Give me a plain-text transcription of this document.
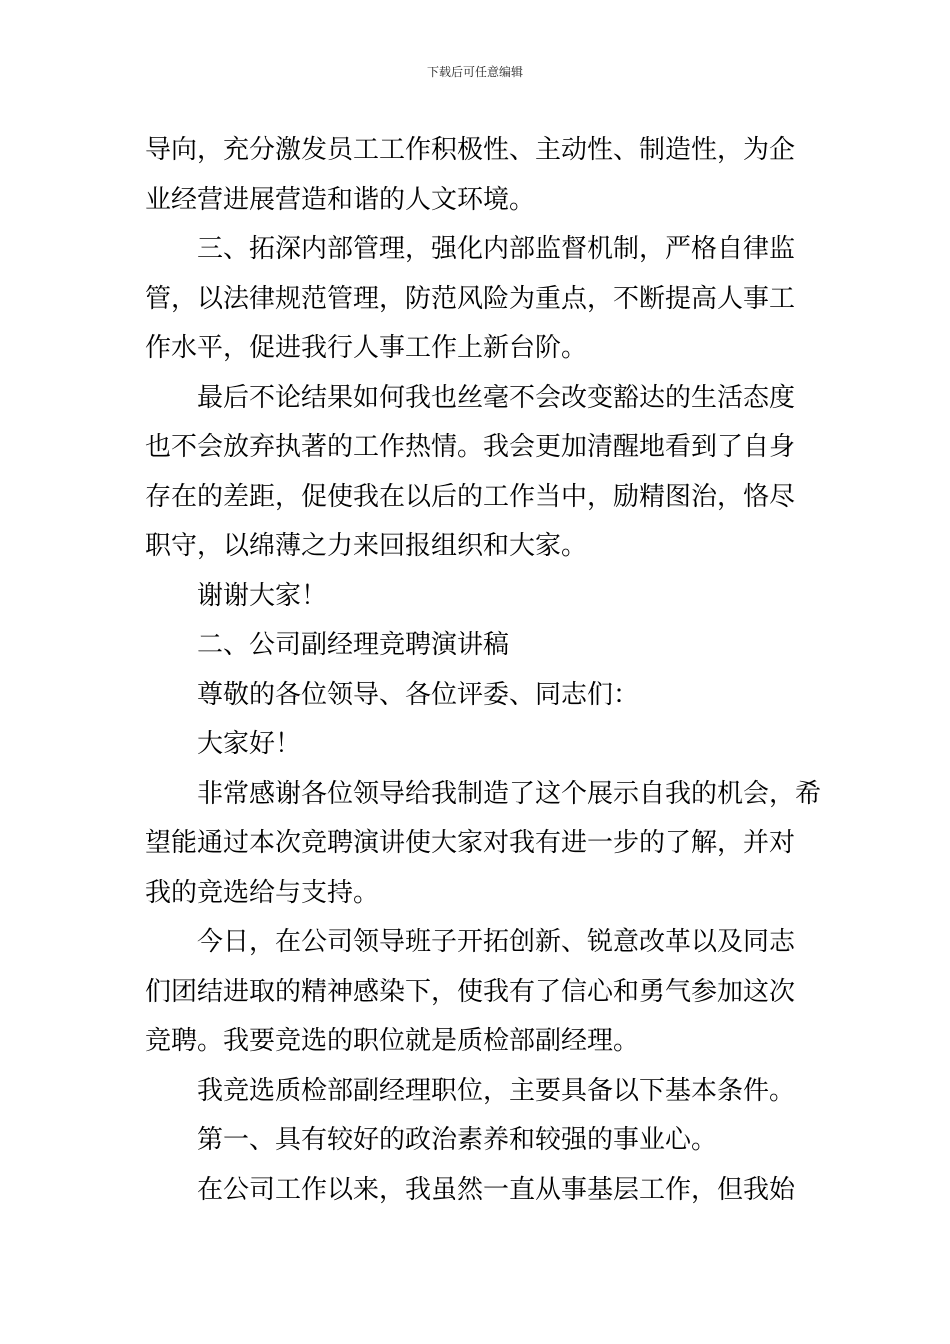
下载后可任意编辑
导向，充分激发员工工作积极性、主动性、制造性，为企
业经营进展营造和谐的人文环境。
三、拓深内部管理，强化内部监督机制，严格自律监
管，以法律规范管理，防范风险为重点，不断提高人事工
作水平，促进我行人事工作上新台阶。
最后不论结果如何我也丝毫不会改变豁达的生活态度
也不会放弃执著的工作热情。我会更加清醒地看到了自身
存在的差距，促使我在以后的工作当中，励精图治，恪尽
职守，以绵薄之力来回报组织和大家。
谢谢大家！
二、公司副经理竞聘演讲稿
尊敬的各位领导、各位评委、同志们：
大家好！
非常感谢各位领导给我制造了这个展示自我的机会，希
望能通过本次竞聘演讲使大家对我有进一步的了解，并对
我的竞选给与支持。
今日，在公司领导班子开拓创新、锐意改革以及同志
们团结进取的精神感染下，使我有了信心和勇气参加这次
竞聘。我要竞选的职位就是质检部副经理。
我竞选质检部副经理职位，主要具备以下基本条件。
第一、具有较好的政治素养和较强的事业心。
在公司工作以来，我虽然一直从事基层工作，但我始
